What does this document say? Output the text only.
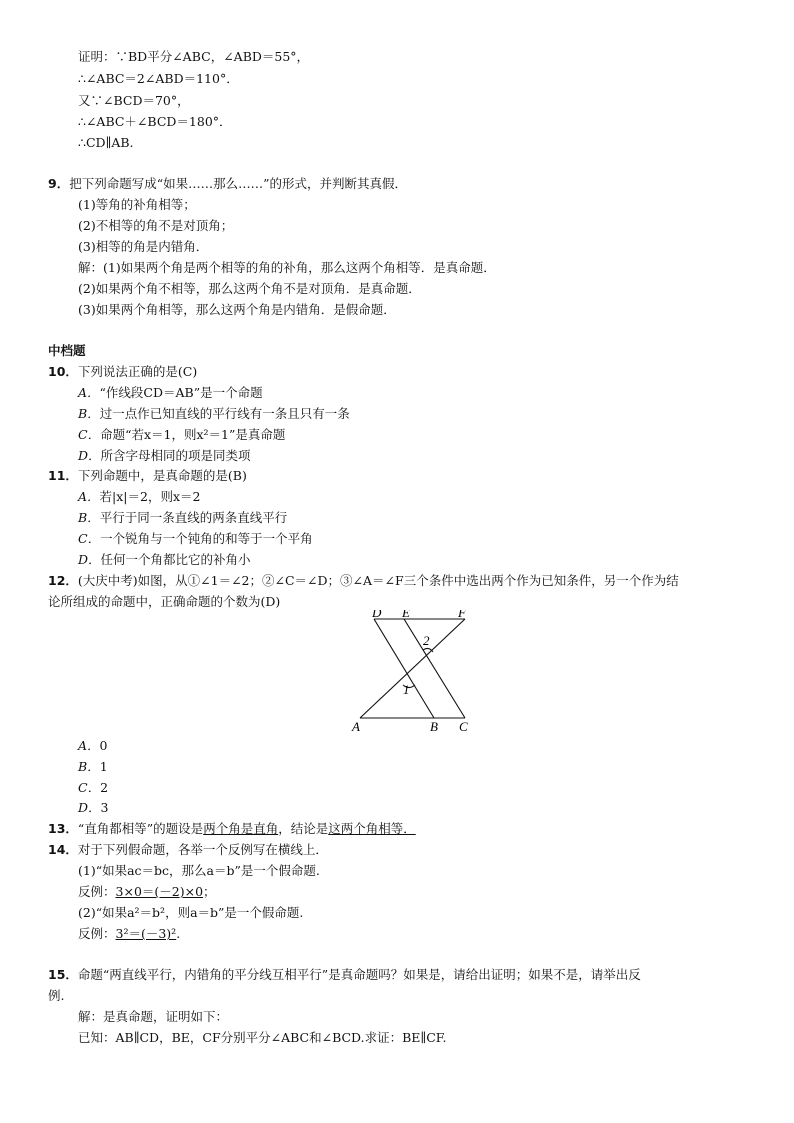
证明：∵BD平分∠ABC，∠ABD＝55°，
∴∠ABC＝2∠ABD＝110°．
又∵∠BCD＝70°，
∴∠ABC＋∠BCD＝180°．
∴CD∥AB.
9．把下列命题写成“如果……那么……”的形式，并判断其真假．
(1)等角的补角相等；
(2)不相等的角不是对顶角；
(3)相等的角是内错角．
解：(1)如果两个角是两个相等的角的补角，那么这两个角相等．是真命题．
(2)如果两个角不相等，那么这两个角不是对顶角．是真命题．
(3)如果两个角相等，那么这两个角是内错角．是假命题．
中档题
10．下列说法正确的是(C)
A．“作线段CD＝AB”是一个命题
B．过一点作已知直线的平行线有一条且只有一条
C．命题“若x＝1，则x²＝1”是真命题
D．所含字母相同的项是同类项
11．下列命题中，是真命题的是(B)
A．若|x|＝2，则x＝2
B．平行于同一条直线的两条直线平行
C．一个锐角与一个钝角的和等于一个平角
D．任何一个角都比它的补角小
12．(大庆中考)如图，从①∠1＝∠2；②∠C＝∠D；③∠A＝∠F三个条件中选出两个作为已知条件，另一个作为结
论所组成的命题中，正确命题的个数为(D)
D E	F
2
1
A	B C
A．0
B．1
C．2
D．3
13．“直角都相等”的题设是两个角是直角，结论是这两个角相等．
14．对于下列假命题，各举一个反例写在横线上．
(1)“如果ac＝bc，那么a＝b”是一个假命题.
反例：3×0＝(－2)×0；
(2)“如果a²＝b²，则a＝b”是一个假命题.
反例：3²＝(－3)².
15．命题“两直线平行，内错角的平分线互相平行”是真命题吗？如果是，请给出证明；如果不是，请举出反
例.
解：是真命题，证明如下：
已知：AB∥CD，BE，CF分别平分∠ABC和∠BCD.求证：BE∥CF.
